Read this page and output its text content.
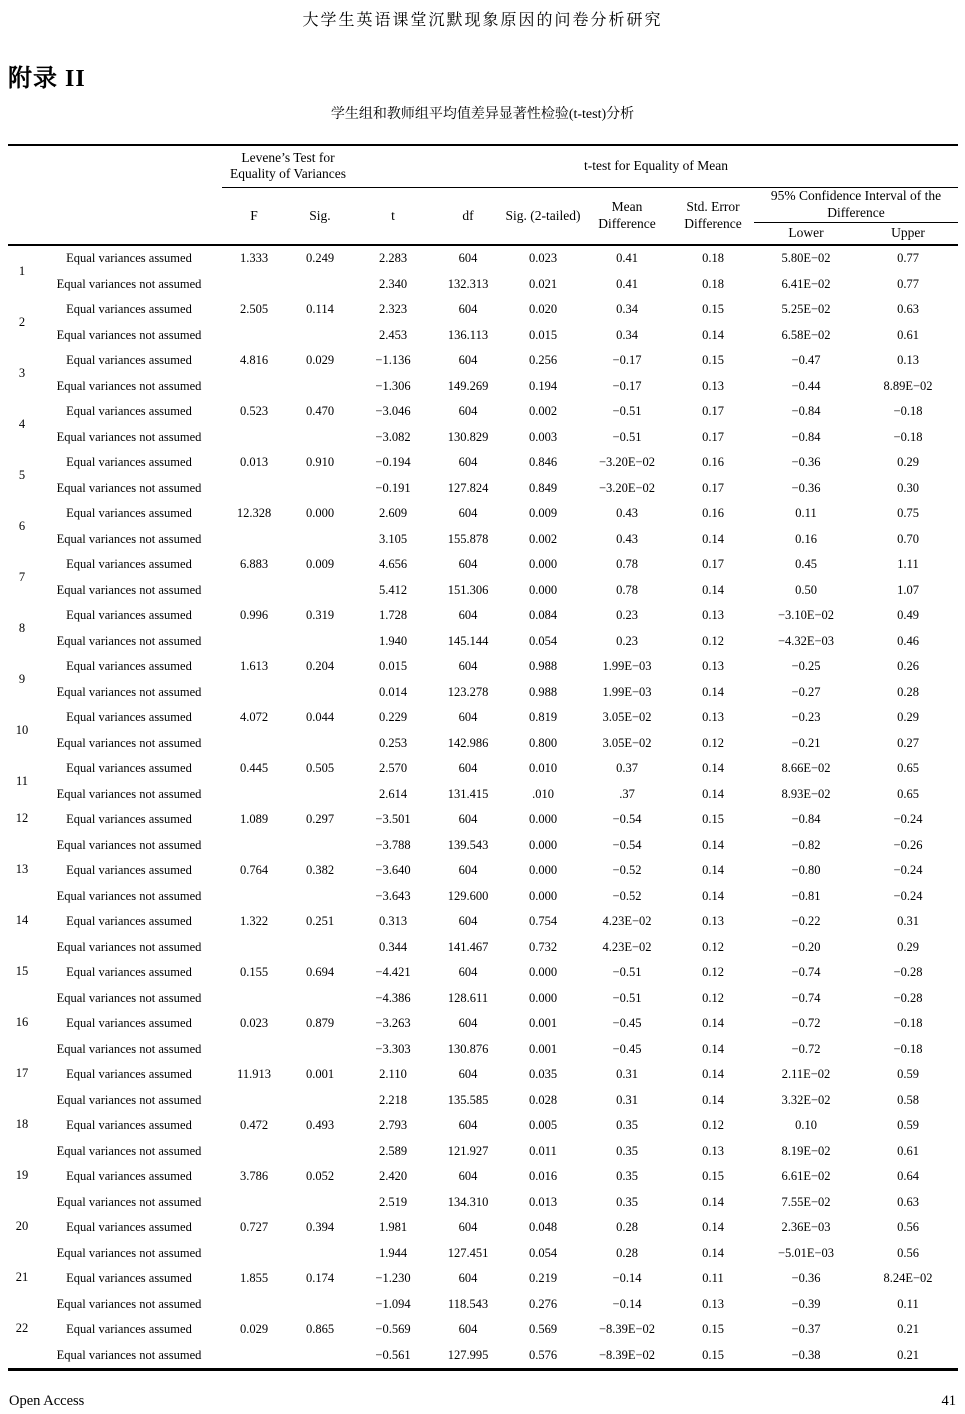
大学生英语课堂沉默现象原因的问卷分析研究
附录 II
学生组和教师组平均值差异显著性检验(t-test)分析
		Levene’s Test for Equality of Variances		t-test for Equality of Mean						
		F	Sig.	t	df	Sig. (2-tailed)	Mean Difference	Std. Error Difference	95% Confidence Interval of the Difference	
									Lower	Upper
1	Equal variances assumed	1.333	0.249	2.283	604	0.023	0.41	0.18	5.80E−02	0.77
	Equal variances not assumed			2.340	132.313	0.021	0.41	0.18	6.41E−02	0.77
2	Equal variances assumed	2.505	0.114	2.323	604	0.020	0.34	0.15	5.25E−02	0.63
	Equal variances not assumed			2.453	136.113	0.015	0.34	0.14	6.58E−02	0.61
3	Equal variances assumed	4.816	0.029	−1.136	604	0.256	−0.17	0.15	−0.47	0.13
	Equal variances not assumed			−1.306	149.269	0.194	−0.17	0.13	−0.44	8.89E−02
4	Equal variances assumed	0.523	0.470	−3.046	604	0.002	−0.51	0.17	−0.84	−0.18
	Equal variances not assumed			−3.082	130.829	0.003	−0.51	0.17	−0.84	−0.18
5	Equal variances assumed	0.013	0.910	−0.194	604	0.846	−3.20E−02	0.16	−0.36	0.29
	Equal variances not assumed			−0.191	127.824	0.849	−3.20E−02	0.17	−0.36	0.30
6	Equal variances assumed	12.328	0.000	2.609	604	0.009	0.43	0.16	0.11	0.75
	Equal variances not assumed			3.105	155.878	0.002	0.43	0.14	0.16	0.70
7	Equal variances assumed	6.883	0.009	4.656	604	0.000	0.78	0.17	0.45	1.11
	Equal variances not assumed			5.412	151.306	0.000	0.78	0.14	0.50	1.07
8	Equal variances assumed	0.996	0.319	1.728	604	0.084	0.23	0.13	−3.10E−02	0.49
	Equal variances not assumed			1.940	145.144	0.054	0.23	0.12	−4.32E−03	0.46
9	Equal variances assumed	1.613	0.204	0.015	604	0.988	1.99E−03	0.13	−0.25	0.26
	Equal variances not assumed			0.014	123.278	0.988	1.99E−03	0.14	−0.27	0.28
10	Equal variances assumed	4.072	0.044	0.229	604	0.819	3.05E−02	0.13	−0.23	0.29
	Equal variances not assumed			0.253	142.986	0.800	3.05E−02	0.12	−0.21	0.27
11	Equal variances assumed	0.445	0.505	2.570	604	0.010	0.37	0.14	8.66E−02	0.65
	Equal variances not assumed			2.614	131.415	.010	.37	0.14	8.93E−02	0.65
12	Equal variances assumed	1.089	0.297	−3.501	604	0.000	−0.54	0.15	−0.84	−0.24
	Equal variances not assumed			−3.788	139.543	0.000	−0.54	0.14	−0.82	−0.26
13	Equal variances assumed	0.764	0.382	−3.640	604	0.000	−0.52	0.14	−0.80	−0.24
	Equal variances not assumed			−3.643	129.600	0.000	−0.52	0.14	−0.81	−0.24
14	Equal variances assumed	1.322	0.251	0.313	604	0.754	4.23E−02	0.13	−0.22	0.31
	Equal variances not assumed			0.344	141.467	0.732	4.23E−02	0.12	−0.20	0.29
15	Equal variances assumed	0.155	0.694	−4.421	604	0.000	−0.51	0.12	−0.74	−0.28
	Equal variances not assumed			−4.386	128.611	0.000	−0.51	0.12	−0.74	−0.28
16	Equal variances assumed	0.023	0.879	−3.263	604	0.001	−0.45	0.14	−0.72	−0.18
	Equal variances not assumed			−3.303	130.876	0.001	−0.45	0.14	−0.72	−0.18
17	Equal variances assumed	11.913	0.001	2.110	604	0.035	0.31	0.14	2.11E−02	0.59
	Equal variances not assumed			2.218	135.585	0.028	0.31	0.14	3.32E−02	0.58
18	Equal variances assumed	0.472	0.493	2.793	604	0.005	0.35	0.12	0.10	0.59
	Equal variances not assumed			2.589	121.927	0.011	0.35	0.13	8.19E−02	0.61
19	Equal variances assumed	3.786	0.052	2.420	604	0.016	0.35	0.15	6.61E−02	0.64
	Equal variances not assumed			2.519	134.310	0.013	0.35	0.14	7.55E−02	0.63
20	Equal variances assumed	0.727	0.394	1.981	604	0.048	0.28	0.14	2.36E−03	0.56
	Equal variances not assumed			1.944	127.451	0.054	0.28	0.14	−5.01E−03	0.56
21	Equal variances assumed	1.855	0.174	−1.230	604	0.219	−0.14	0.11	−0.36	8.24E−02
	Equal variances not assumed			−1.094	118.543	0.276	−0.14	0.13	−0.39	0.11
22	Equal variances assumed	0.029	0.865	−0.569	604	0.569	−8.39E−02	0.15	−0.37	0.21
	Equal variances not assumed			−0.561	127.995	0.576	−8.39E−02	0.15	−0.38	0.21
Open Access	41
